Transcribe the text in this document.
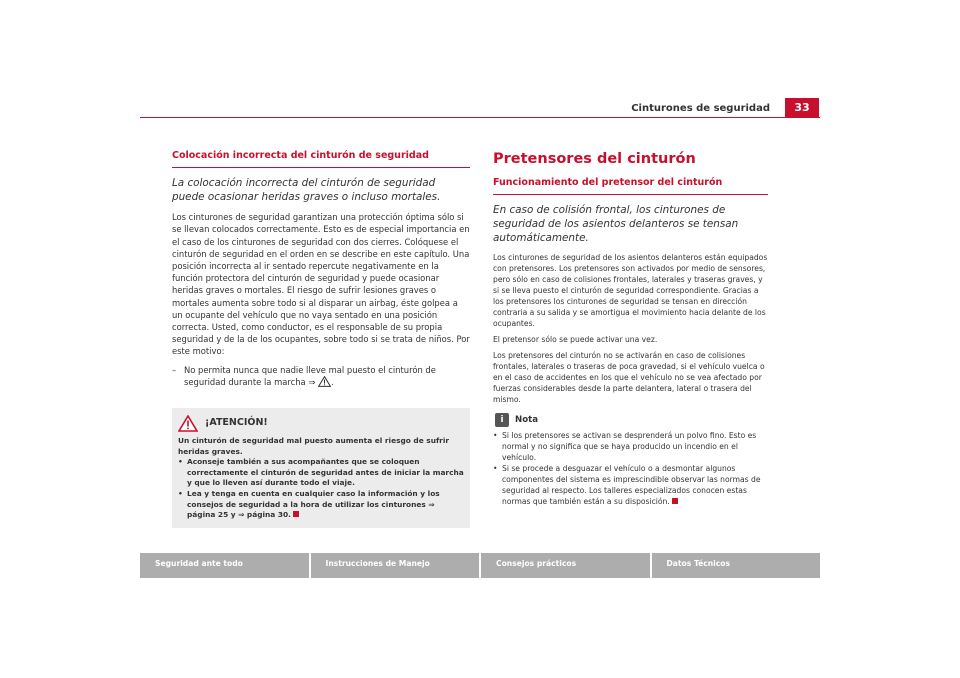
Cinturones de seguridad	33
Colocación incorrecta del cinturón de seguridad
La colocación incorrecta del cinturón de seguridad puede ocasionar heridas graves o incluso mortales.

Los cinturones de seguridad garantizan una protección óptima sólo si se llevan colocados correctamente. Esto es de especial importancia en el caso de los cinturones de seguridad con dos cierres. Colóquese el cinturón de seguridad en el orden en se describe en este capítulo. Una posición incorrecta al ir sentado repercute negativamente en la función protectora del cinturón de seguridad y puede ocasionar heridas graves o mortales. El riesgo de sufrir lesiones graves o mortales aumenta sobre todo si al disparar un airbag, éste golpea a un ocupante del vehículo que no vaya sentado en una posición correcta. Usted, como conductor, es el responsable de su propia seguridad y de la de los ocupantes, sobre todo si se trata de niños. Por este motivo:

– No permita nunca que nadie lleve mal puesto el cinturón de seguridad durante la marcha ⇒ .
¡ATENCIÓN!
Un cinturón de seguridad mal puesto aumenta el riesgo de sufrir heridas graves.
• Aconseje también a sus acompañantes que se coloquen correctamente el cinturón de seguridad antes de iniciar la marcha y que lo lleven así durante todo el viaje.
• Lea y tenga en cuenta en cualquier caso la información y los consejos de seguridad a la hora de utilizar los cinturones ⇒ página 25 y ⇒ página 30.
Pretensores del cinturón
Funcionamiento del pretensor del cinturón
En caso de colisión frontal, los cinturones de seguridad de los asientos delanteros se tensan automáticamente.

Los cinturones de seguridad de los asientos delanteros están equipados con pretensores. Los pretensores son activados por medio de sensores, pero sólo en caso de colisiones frontales, laterales y traseras graves, y si se lleva puesto el cinturón de seguridad correspondiente. Gracias a los pretensores los cinturones de seguridad se tensan en dirección contraria a su salida y se amortigua el movimiento hacia delante de los ocupantes.

El pretensor sólo se puede activar una vez.

Los pretensores del cinturón no se activarán en caso de colisiones frontales, laterales o traseras de poca gravedad, si el vehículo vuelca o en el caso de accidentes en los que el vehículo no se vea afectado por fuerzas considerables desde la parte delantera, lateral o trasera del mismo.

i	Nota
• Si los pretensores se activan se desprenderá un polvo fino. Esto es normal y no significa que se haya producido un incendio en el vehículo.
• Si se procede a desguazar el vehículo o a desmontar algunos componentes del sistema es imprescindible observar las normas de seguridad al respecto. Los talleres especializados conocen estas normas que también están a su disposición.
Seguridad ante todo	Instrucciones de Manejo	Consejos prácticos	Datos Técnicos
